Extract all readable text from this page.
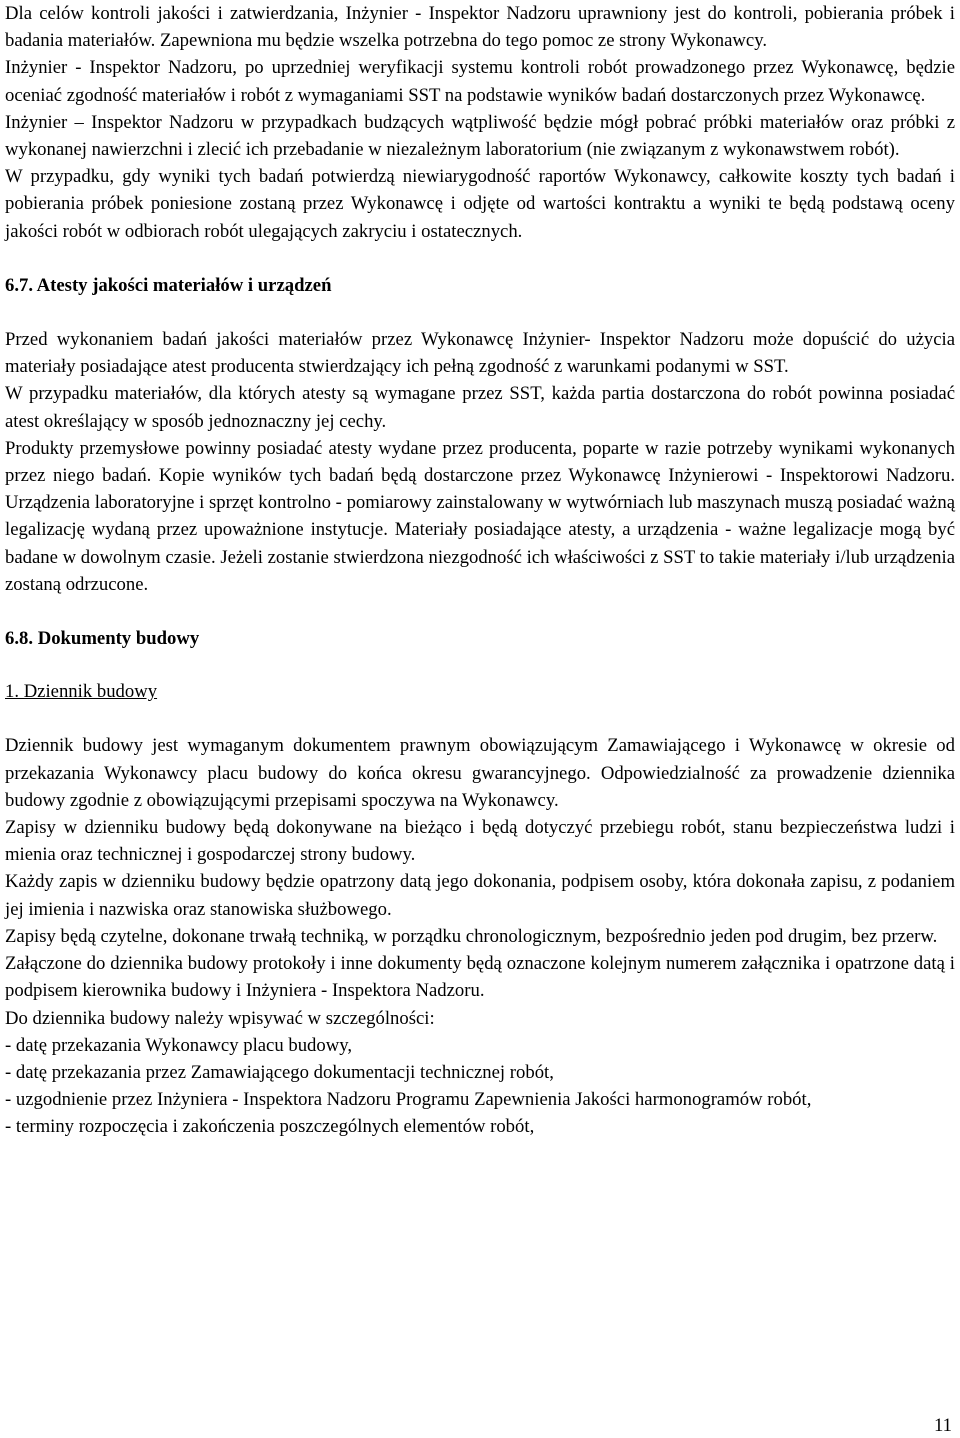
Dla celów kontroli jakości i zatwierdzania, Inżynier - Inspektor Nadzoru uprawniony jest do kontroli, pobierania próbek i badania materiałów. Zapewniona mu będzie wszelka potrzebna do tego pomoc ze strony Wykonawcy.

Inżynier - Inspektor Nadzoru, po uprzedniej weryfikacji systemu kontroli robót prowadzonego przez Wykonawcę, będzie oceniać zgodność materiałów i robót z wymaganiami SST na podstawie wyników badań dostarczonych przez Wykonawcę.

Inżynier – Inspektor Nadzoru w przypadkach budzących wątpliwość będzie mógł pobrać próbki materiałów oraz próbki z wykonanej nawierzchni i zlecić ich przebadanie w niezależnym laboratorium (nie związanym z wykonawstwem robót).

W przypadku, gdy wyniki tych badań potwierdzą niewiarygodność raportów Wykonawcy, całkowite koszty tych badań i pobierania próbek poniesione zostaną przez Wykonawcę i odjęte od wartości kontraktu a wyniki te będą podstawą oceny jakości robót w odbiorach robót ulegających zakryciu i ostatecznych.

6.7. Atesty jakości materiałów i urządzeń

Przed wykonaniem badań jakości materiałów przez Wykonawcę Inżynier- Inspektor Nadzoru może dopuścić do użycia materiały posiadające atest producenta stwierdzający ich pełną zgodność z warunkami podanymi w SST.

W przypadku materiałów, dla których atesty są wymagane przez SST, każda partia dostarczona do robót powinna posiadać atest określający w sposób jednoznaczny jej cechy.

Produkty przemysłowe powinny posiadać atesty wydane przez producenta, poparte w razie potrzeby wynikami wykonanych przez niego badań. Kopie wyników tych badań będą dostarczone przez Wykonawcę Inżynierowi - Inspektorowi Nadzoru. Urządzenia laboratoryjne i sprzęt kontrolno - pomiarowy zainstalowany w wytwórniach lub maszynach muszą posiadać ważną legalizację wydaną przez upoważnione instytucje. Materiały posiadające atesty, a urządzenia - ważne legalizacje mogą być badane w dowolnym czasie. Jeżeli zostanie stwierdzona niezgodność ich właściwości z SST to takie materiały i/lub urządzenia zostaną odrzucone.

6.8. Dokumenty budowy

1. Dziennik budowy

Dziennik budowy jest wymaganym dokumentem prawnym obowiązującym Zamawiającego i Wykonawcę w okresie od przekazania Wykonawcy placu budowy do końca okresu gwarancyjnego. Odpowiedzialność za prowadzenie dziennika budowy zgodnie z obowiązującymi przepisami spoczywa na Wykonawcy.

Zapisy w dzienniku budowy będą dokonywane na bieżąco i będą dotyczyć przebiegu robót, stanu bezpieczeństwa ludzi i mienia oraz technicznej i gospodarczej strony budowy.

Każdy zapis w dzienniku budowy będzie opatrzony datą jego dokonania, podpisem osoby, która dokonała zapisu, z podaniem jej imienia i nazwiska oraz stanowiska służbowego.

Zapisy będą czytelne, dokonane trwałą techniką, w porządku chronologicznym, bezpośrednio jeden pod drugim, bez przerw.

Załączone do dziennika budowy protokoły i inne dokumenty będą oznaczone kolejnym numerem załącznika i opatrzone datą i podpisem kierownika budowy i Inżyniera - Inspektora Nadzoru.

Do dziennika budowy należy wpisywać w szczególności:

- datę przekazania Wykonawcy placu budowy,

- datę przekazania przez Zamawiającego dokumentacji technicznej robót,

- uzgodnienie przez Inżyniera - Inspektora Nadzoru Programu Zapewnienia Jakości harmonogramów robót,

- terminy rozpoczęcia i zakończenia poszczególnych elementów robót,

11
